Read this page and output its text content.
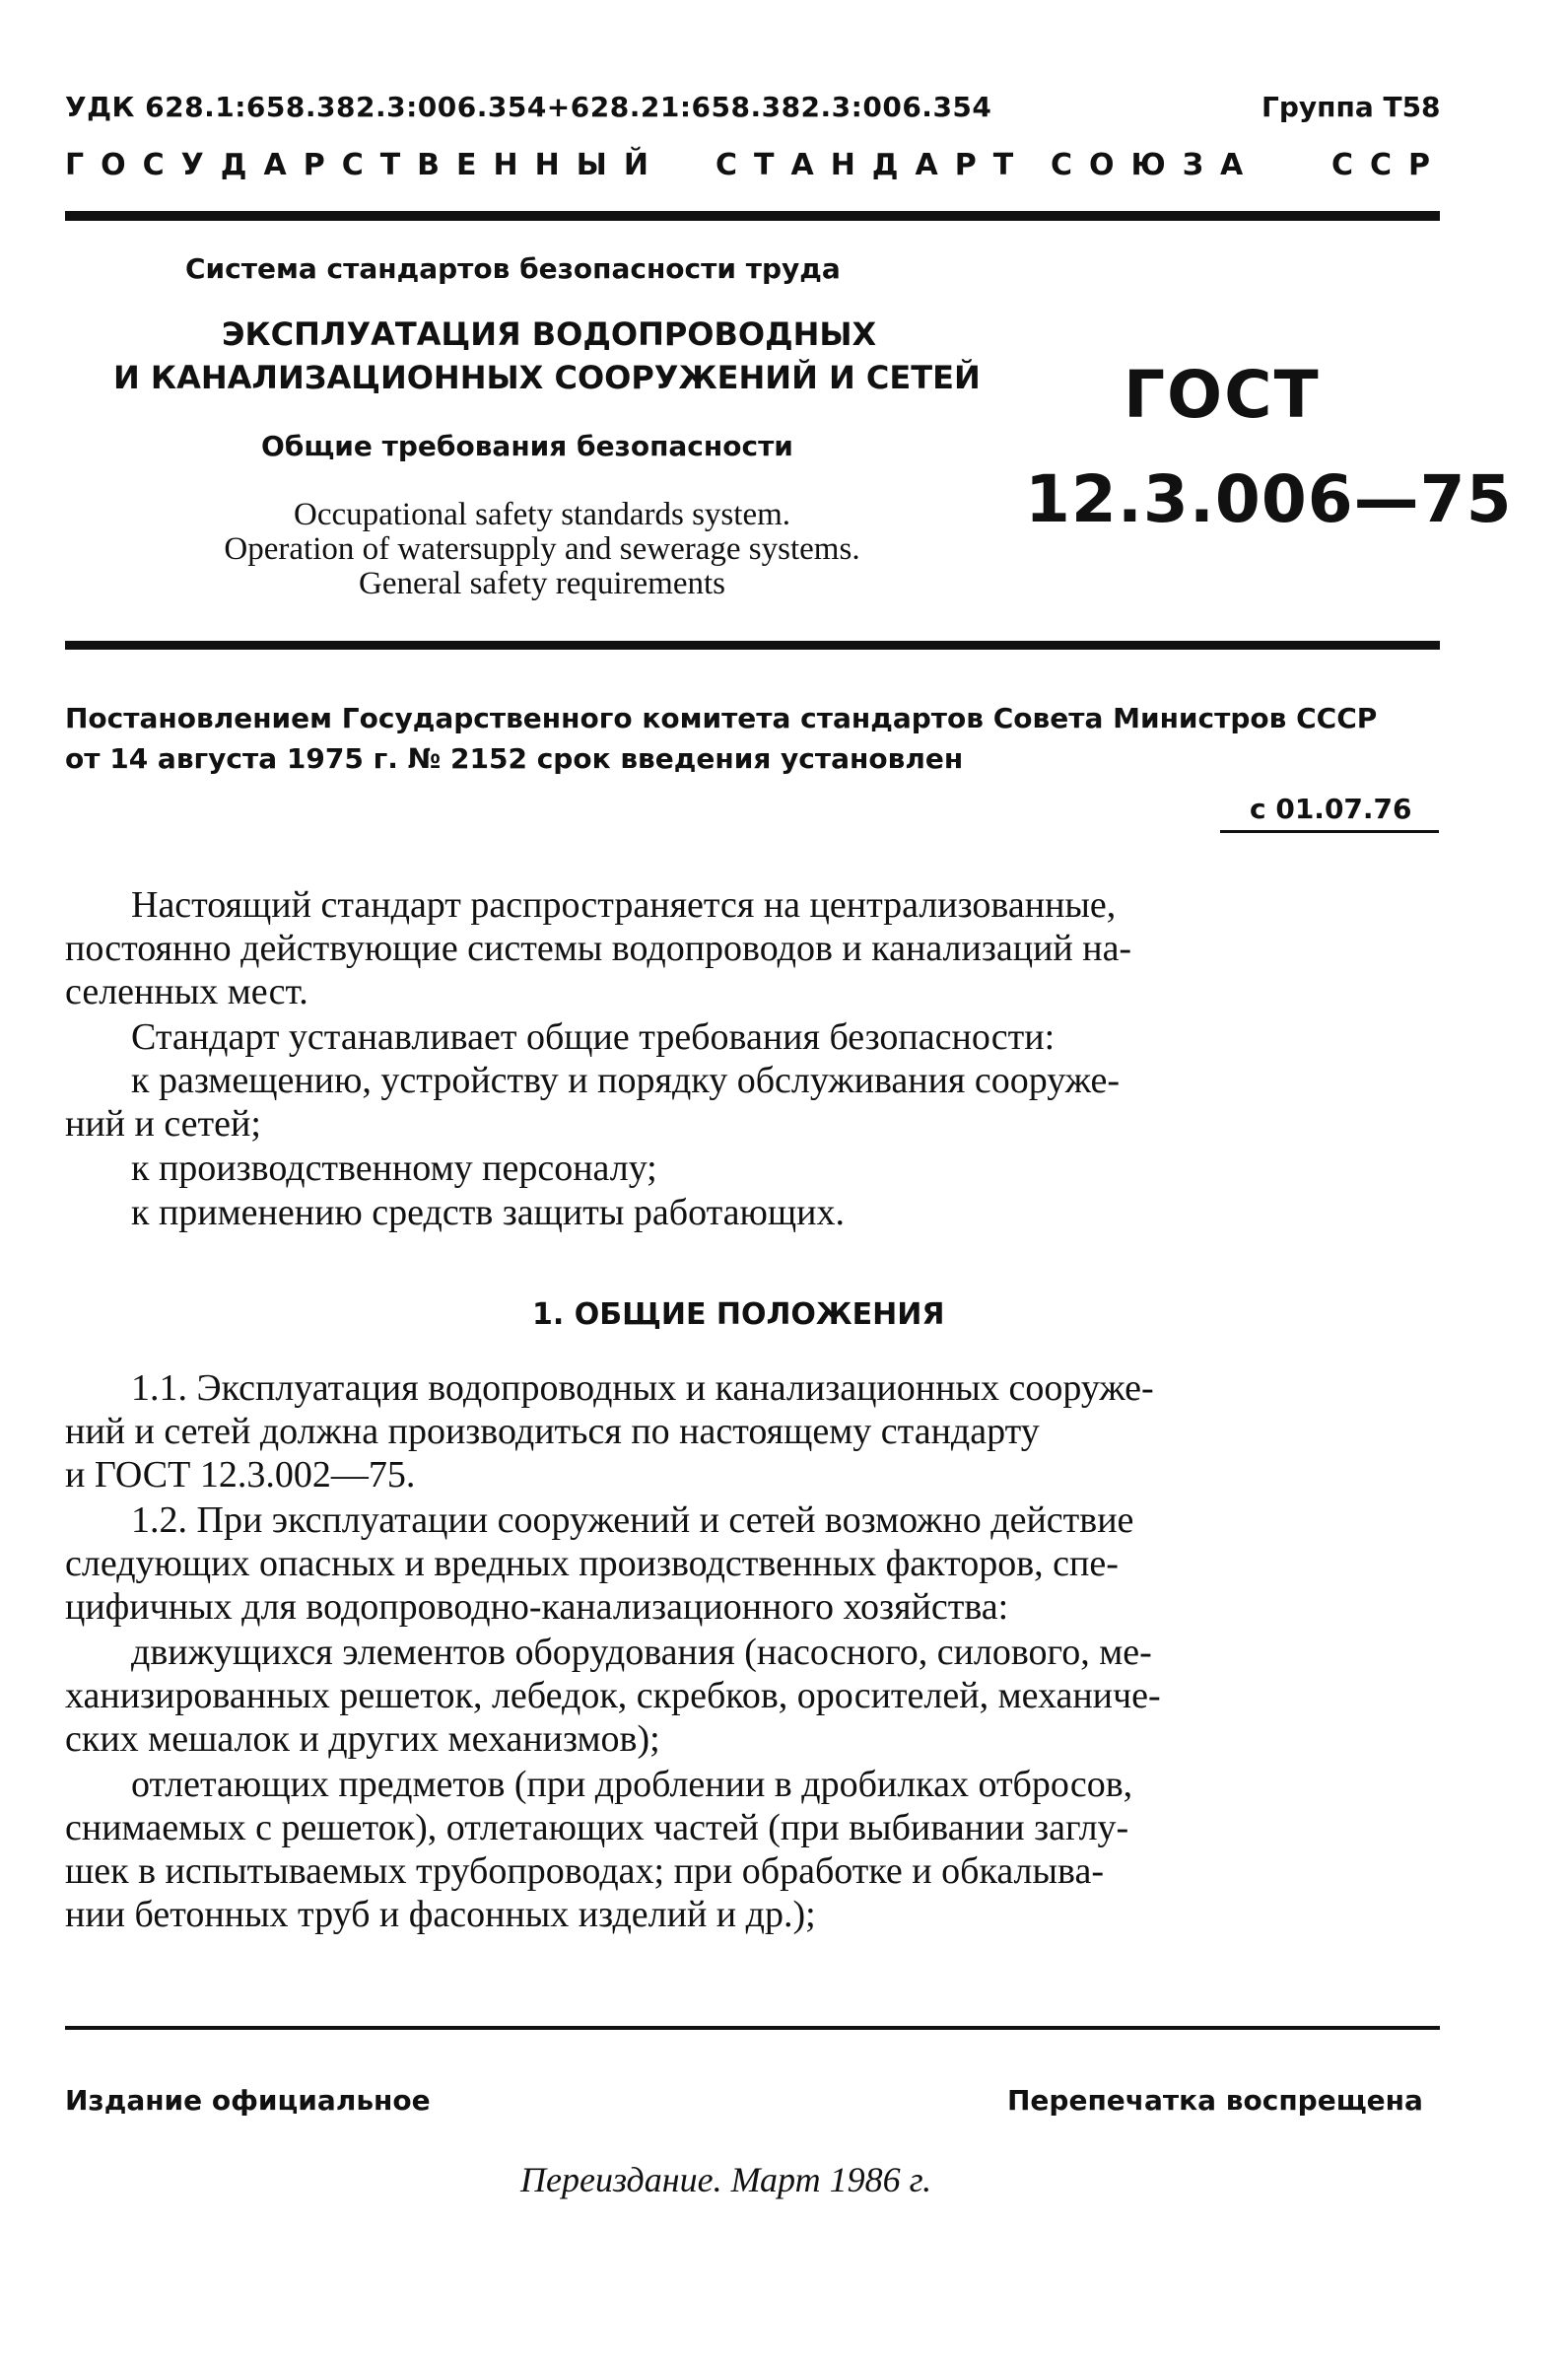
УДК 628.1:658.382.3:006.354+628.21:658.382.3:006.354	Группа Т58
ГОСУДАРСТВЕННЫЙ СТАНДАРТ СОЮЗА ССР
Система стандартов безопасности труда
ЭКСПЛУАТАЦИЯ ВОДОПРОВОДНЫХ
И КАНАЛИЗАЦИОННЫХ СООРУЖЕНИЙ И СЕТЕЙ
Общие требования безопасности
Occupational safety standards system.
Operation of watersupply and sewerage systems.
General safety requirements
ГОСТ
12.3.006—75
Постановлением Государственного комитета стандартов Совета Министров СССР
от 14 августа 1975 г. № 2152 срок введения установлен
с 01.07.76
Настоящий стандарт распространяется на централизованные,
постоянно действующие системы водопроводов и канализаций на-
селенных мест.
Стандарт устанавливает общие требования безопасности:
к размещению, устройству и порядку обслуживания сооруже-
ний и сетей;
к производственному персоналу;
к применению средств защиты работающих.
1. ОБЩИЕ ПОЛОЖЕНИЯ
1.1. Эксплуатация водопроводных и канализационных сооруже-
ний и сетей должна производиться по настоящему стандарту
и ГОСТ 12.3.002—75.
1.2. При эксплуатации сооружений и сетей возможно действие
следующих опасных и вредных производственных факторов, спе-
цифичных для водопроводно-канализационного хозяйства:
движущихся элементов оборудования (насосного, силового, ме-
ханизированных решеток, лебедок, скребков, оросителей, механиче-
ских мешалок и других механизмов);
отлетающих предметов (при дроблении в дробилках отбросов,
снимаемых с решеток), отлетающих частей (при выбивании заглу-
шек в испытываемых трубопроводах; при обработке и обкалыва-
нии бетонных труб и фасонных изделий и др.);
Издание официальное	Перепечатка воспрещена
Переиздание. Март 1986 г.
